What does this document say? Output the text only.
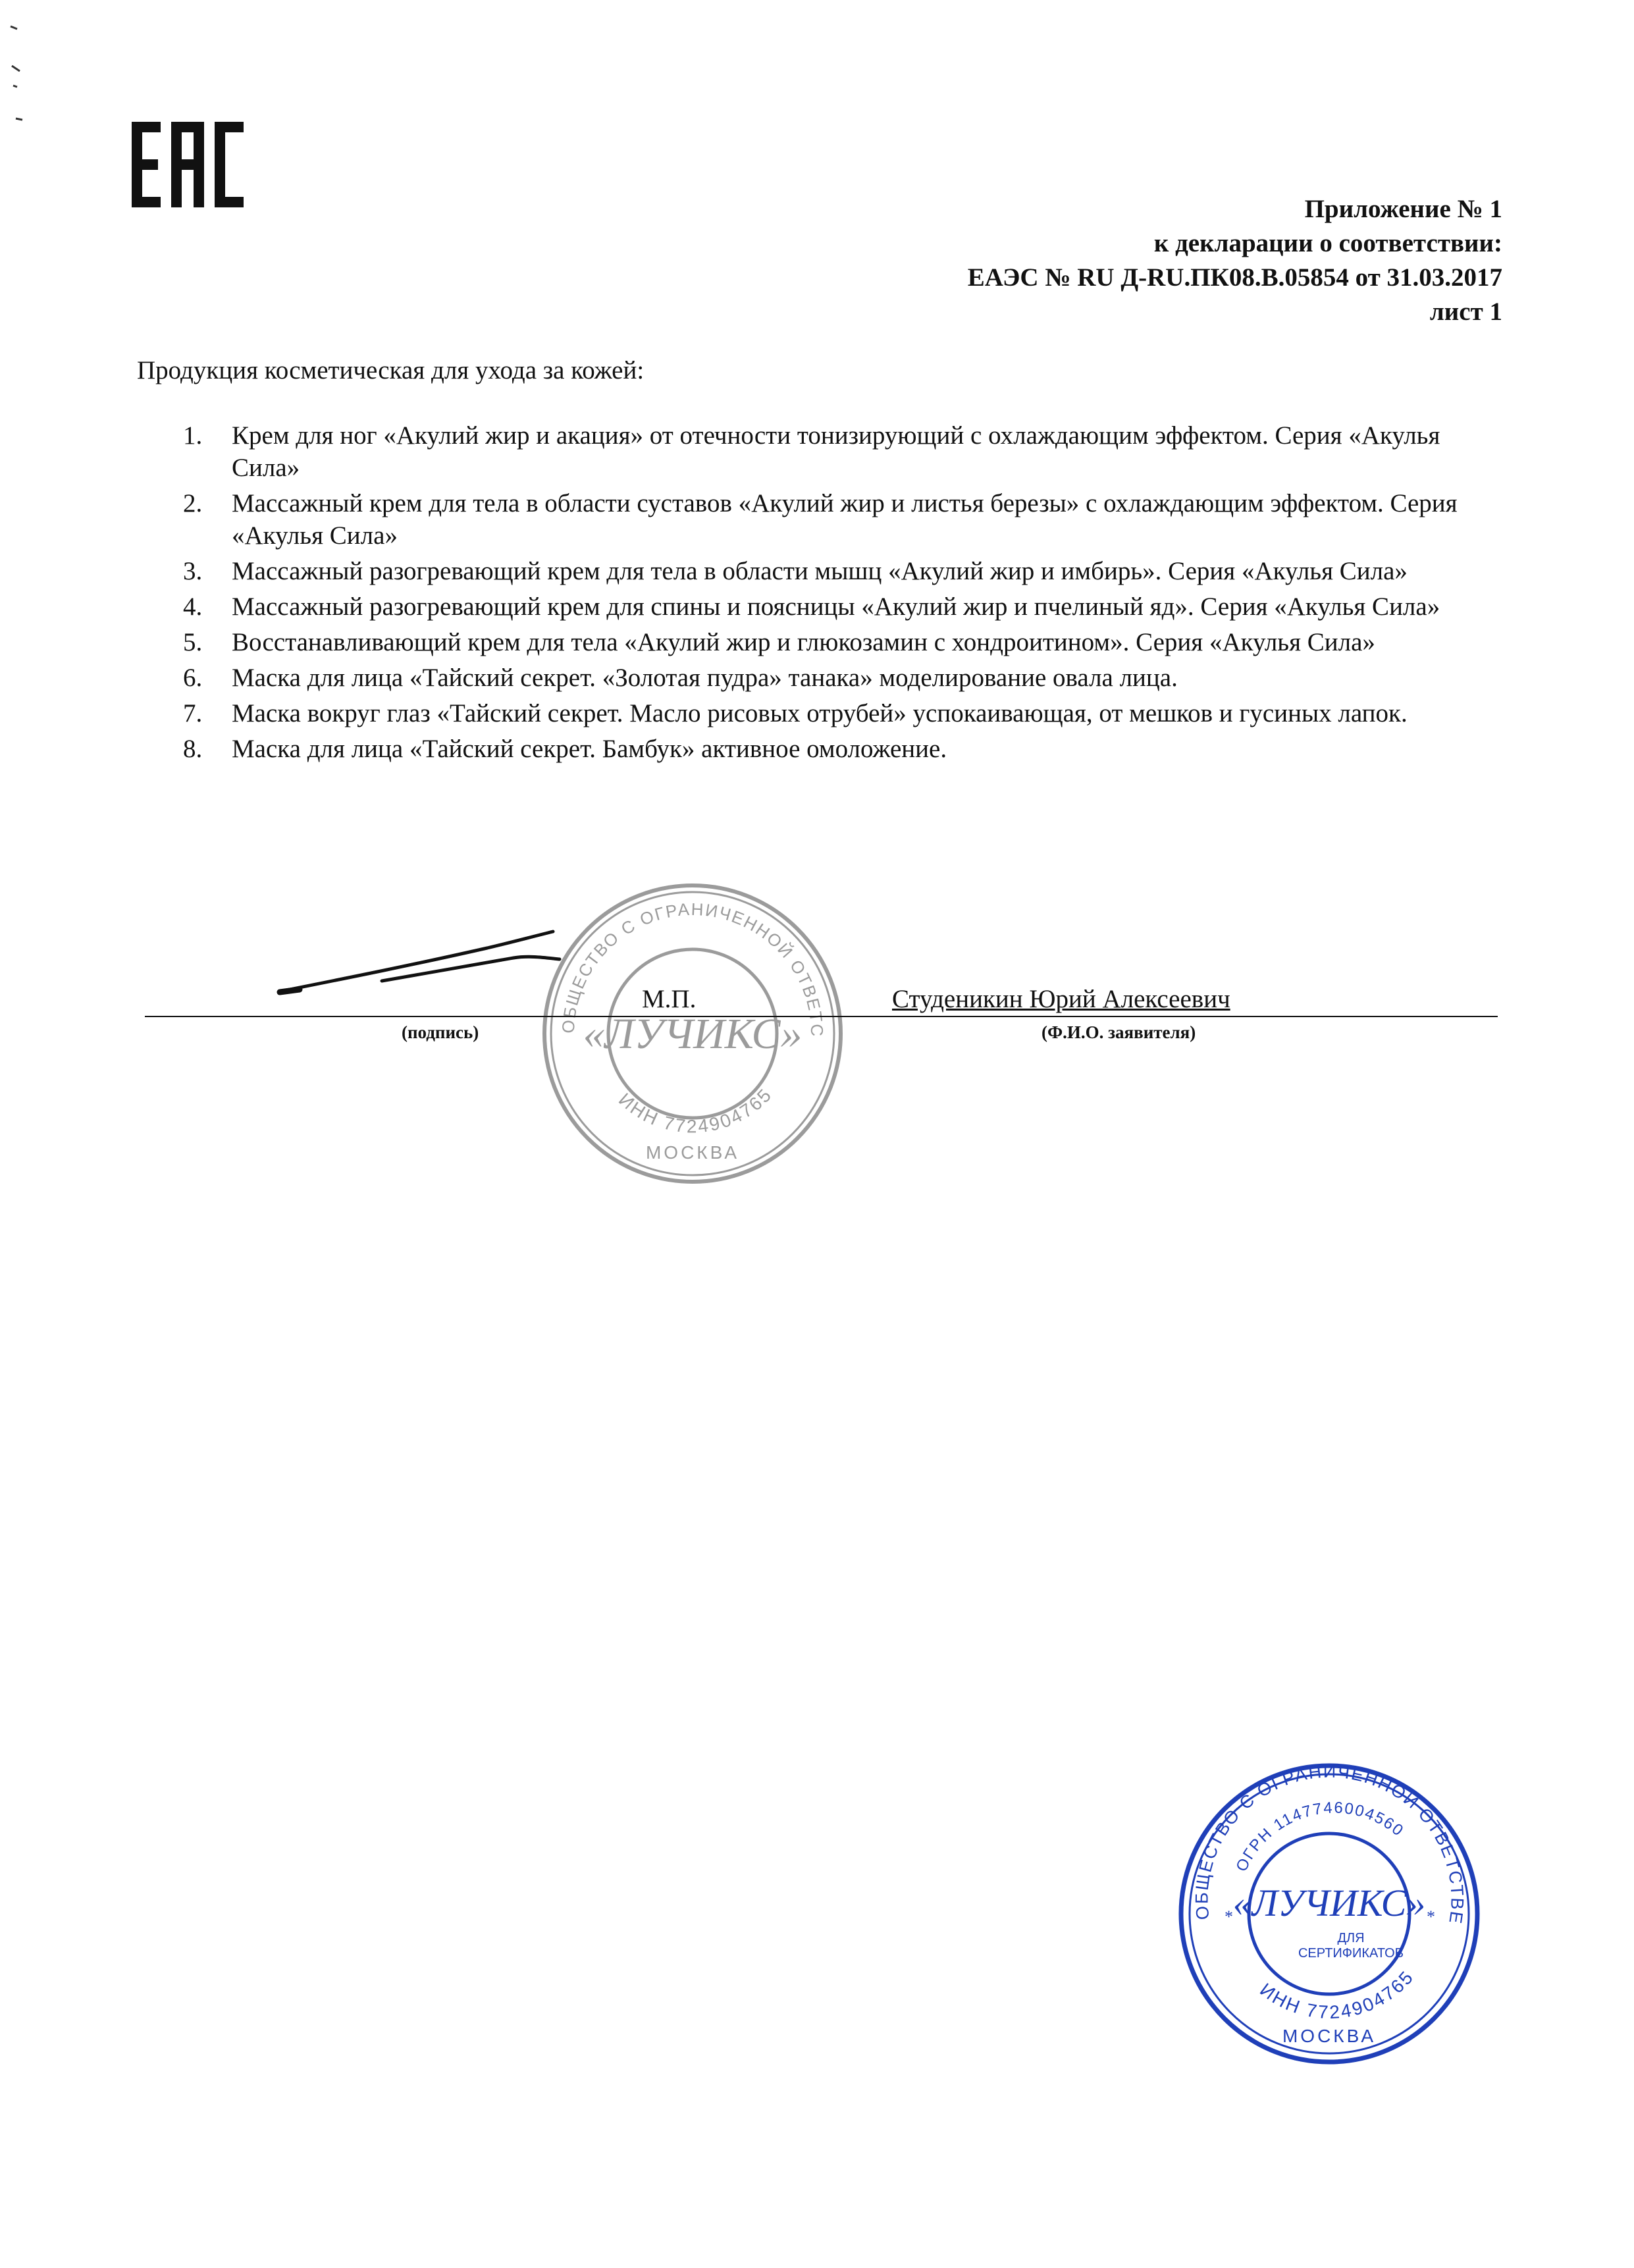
Приложение № 1
к декларации о соответствии:
ЕАЭС № RU Д-RU.ПК08.В.05854 от 31.03.2017
лист 1
Продукция косметическая для ухода за кожей:
1. Крем для ног «Акулий жир и акация» от отечности тонизирующий с охлаждающим эффектом. Серия «Акулья Сила»
2. Массажный крем для тела в области суставов «Акулий жир и листья березы» с охлаждающим эффектом. Серия «Акулья Сила»
3. Массажный разогревающий крем для тела в области мышц «Акулий жир и имбирь». Серия «Акулья Сила»
4. Массажный разогревающий крем для спины и поясницы «Акулий жир и пчелиный яд». Серия «Акулья Сила»
5. Восстанавливающий крем для тела «Акулий жир и глюкозамин с хондроитином». Серия «Акулья Сила»
6. Маска для лица «Тайский секрет. «Золотая пудра» танака» моделирование овала лица.
7. Маска вокруг глаз «Тайский секрет. Масло рисовых отрубей» успокаивающая, от мешков и гусиных лапок.
8. Маска для лица «Тайский секрет. Бамбук» активное омоложение.
ОБЩЕСТВО С ОГРАНИЧЕННОЙ ОТВЕТС
ИНН 7724904765
«ЛУЧИКС»
МОСКВА
М.П.	Студеникин Юрий Алексеевич
(подпись)	(Ф.И.О. заявителя)
ОБЩЕСТВО С ОГРАНИЧЕННОЙ ОТВЕТСТВЕ
ОГРН 1147746004560
ИНН 7724904765
«ЛУЧИКС»
ДЛЯ
СЕРТИФИКАТОВ
МОСКВА
*	*
